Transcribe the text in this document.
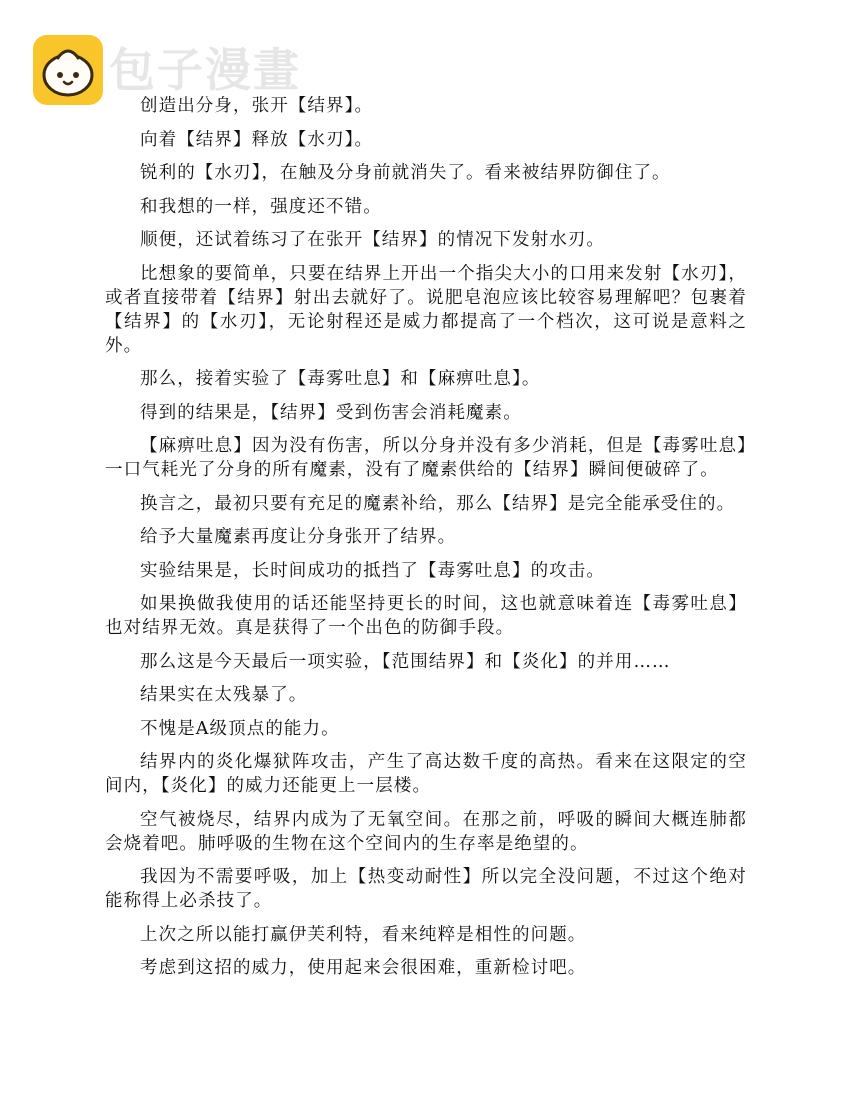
包子漫畫

创造出分身，张开【结界】。

向着【结界】释放【水刃】。

锐利的【水刃】，在触及分身前就消失了。看来被结界防御住了。

和我想的一样，强度还不错。

顺便，还试着练习了在张开【结界】的情况下发射水刃。

比想象的要简单，只要在结界上开出一个指尖大小的口用来发射【水刃】，或者直接带着【结界】射出去就好了。说肥皂泡应该比较容易理解吧？包裹着【结界】的【水刃】，无论射程还是威力都提高了一个档次，这可说是意料之外。

那么，接着实验了【毒雾吐息】和【麻痹吐息】。

得到的结果是，【结界】受到伤害会消耗魔素。

【麻痹吐息】因为没有伤害，所以分身并没有多少消耗，但是【毒雾吐息】一口气耗光了分身的所有魔素，没有了魔素供给的【结界】瞬间便破碎了。

换言之，最初只要有充足的魔素补给，那么【结界】是完全能承受住的。

给予大量魔素再度让分身张开了结界。

实验结果是，长时间成功的抵挡了【毒雾吐息】的攻击。

如果换做我使用的话还能坚持更长的时间，这也就意味着连【毒雾吐息】也对结界无效。真是获得了一个出色的防御手段。

那么这是今天最后一项实验，【范围结界】和【炎化】的并用……

结果实在太残暴了。

不愧是A级顶点的能力。

结界内的炎化爆狱阵攻击，产生了高达数千度的高热。看来在这限定的空间内，【炎化】的威力还能更上一层楼。

空气被烧尽，结界内成为了无氧空间。在那之前，呼吸的瞬间大概连肺都会烧着吧。肺呼吸的生物在这个空间内的生存率是绝望的。

我因为不需要呼吸，加上【热变动耐性】所以完全没问题，不过这个绝对能称得上必杀技了。

上次之所以能打赢伊芙利特，看来纯粹是相性的问题。

考虑到这招的威力，使用起来会很困难，重新检讨吧。
